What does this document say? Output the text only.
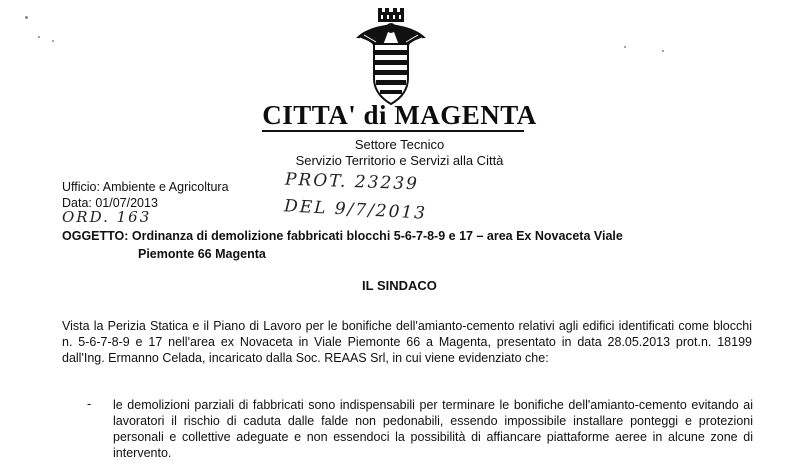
CITTA' di MAGENTA
Settore Tecnico
Servizio Territorio e Servizi alla Città
Ufficio: Ambiente e Agricoltura
Data: 01/07/2013
PROT. 23239
ORD. 163	DEL 9/7/2013
OGGETTO: Ordinanza di demolizione fabbricati blocchi 5-6-7-8-9 e 17 – area Ex Novaceta Viale
Piemonte 66 Magenta
IL SINDACO
Vista la Perizia Statica e il Piano di Lavoro per le bonifiche dell'amianto-cemento relativi agli edifici identificati come blocchi n. 5-6-7-8-9 e 17 nell'area ex Novaceta in Viale Piemonte 66 a Magenta, presentato in data 28.05.2013 prot.n. 18199 dall'Ing. Ermanno Celada, incaricato dalla Soc. REAAS Srl, in cui viene evidenziato che:
- le demolizioni parziali di fabbricati sono indispensabili per terminare le bonifiche dell'amianto-cemento evitando ai lavoratori il rischio di caduta dalle falde non pedonabili, essendo impossibile installare ponteggi e protezioni personali e collettive adeguate e non essendoci la possibilità di affiancare piattaforme aeree in alcune zone di intervento.
